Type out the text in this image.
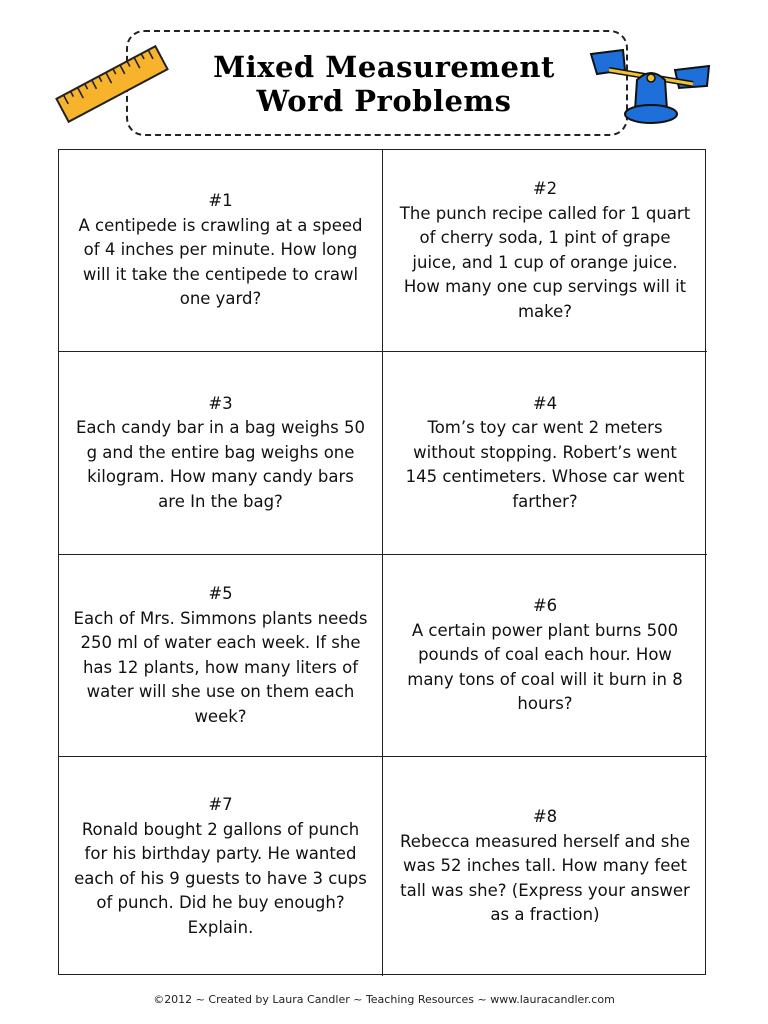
Mixed Measurement
Word Problems
#1
A centipede is crawling at a speed of 4 inches per minute. How long will it take the centipede to crawl one yard?
#2
The punch recipe called for 1 quart of cherry soda, 1 pint of grape juice, and 1 cup of orange juice. How many one cup servings will it make?
#3
Each candy bar in a bag weighs 50 g and the entire bag weighs one kilogram. How many candy bars are In the bag?
#4
Tom’s toy car went 2 meters without stopping. Robert’s went 145 centimeters. Whose car went farther?
#5
Each of Mrs. Simmons plants needs 250 ml of water each week. If she has 12 plants, how many liters of water will she use on them each week?
#6
A certain power plant burns 500 pounds of coal each hour. How many tons of coal will it burn in 8 hours?
#7
Ronald bought 2 gallons of punch for his birthday party. He wanted each of his 9 guests to have 3 cups of punch. Did he buy enough? Explain.
#8
Rebecca measured herself and she was 52 inches tall. How many feet tall was she? (Express your answer as a fraction)
©2012 ~ Created by Laura Candler ~ Teaching Resources ~ www.lauracandler.com
